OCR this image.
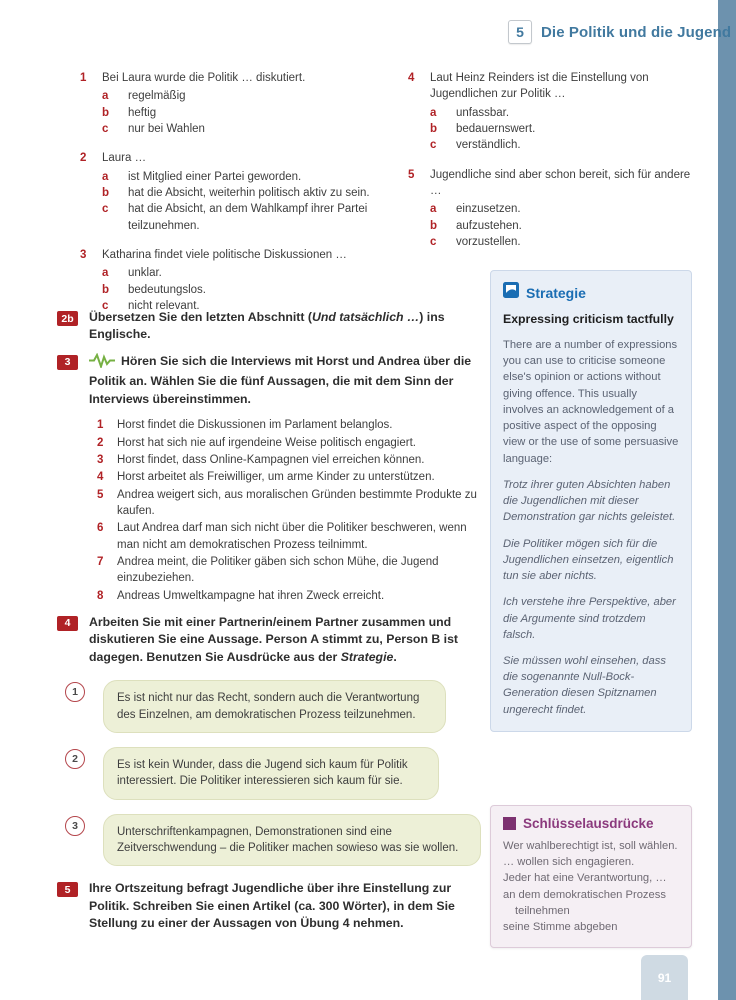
5	Die Politik und die Jugend
1	Bei Laura wurde die Politik … diskutiert.
a	regelmäßig
b	heftig
c	nur bei Wahlen
2	Laura …
a	ist Mitglied einer Partei geworden.
b	hat die Absicht, weiterhin politisch aktiv zu sein.
c	hat die Absicht, an dem Wahlkampf ihrer Partei teilzunehmen.
3	Katharina findet viele politische Diskussionen …
a	unklar.
b	bedeutungslos.
c	nicht relevant.
4	Laut Heinz Reinders ist die Einstellung von Jugendlichen zur Politik …
a	unfassbar.
b	bedauernswert.
c	verständlich.
5	Jugendliche sind aber schon bereit, sich für andere …
a	einzusetzen.
b	aufzustehen.
c	vorzustellen.
2b	Übersetzen Sie den letzten Abschnitt (Und tatsächlich …) ins Englische.
3	Hören Sie sich die Interviews mit Horst und Andrea über die Politik an. Wählen Sie die fünf Aussagen, die mit dem Sinn der Interviews übereinstimmen.
1	Horst findet die Diskussionen im Parlament belanglos.
2	Horst hat sich nie auf irgendeine Weise politisch engagiert.
3	Horst findet, dass Online-Kampagnen viel erreichen können.
4	Horst arbeitet als Freiwilliger, um arme Kinder zu unterstützen.
5	Andrea weigert sich, aus moralischen Gründen bestimmte Produkte zu kaufen.
6	Laut Andrea darf man sich nicht über die Politiker beschweren, wenn man nicht am demokratischen Prozess teilnimmt.
7	Andrea meint, die Politiker gäben sich schon Mühe, die Jugend einzubeziehen.
8	Andreas Umweltkampagne hat ihren Zweck erreicht.
4	Arbeiten Sie mit einer Partnerin/einem Partner zusammen und diskutieren Sie eine Aussage. Person A stimmt zu, Person B ist dagegen. Benutzen Sie Ausdrücke aus der Strategie.
1	Es ist nicht nur das Recht, sondern auch die Verantwortung des Einzelnen, am demokratischen Prozess teilzunehmen.
2	Es ist kein Wunder, dass die Jugend sich kaum für Politik interessiert. Die Politiker interessieren sich kaum für sie.
3	Unterschriftenkampagnen, Demonstrationen sind eine Zeitverschwendung – die Politiker machen sowieso was sie wollen.
5	Ihre Ortszeitung befragt Jugendliche über ihre Einstellung zur Politik. Schreiben Sie einen Artikel (ca. 300 Wörter), in dem Sie Stellung zu einer der Aussagen von Übung 4 nehmen.
Strategie
Expressing criticism tactfully
There are a number of expressions you can use to criticise someone else's opinion or actions without giving offence. This usually involves an acknowledgement of a positive aspect of the opposing view or the use of some persuasive language:
Trotz ihrer guten Absichten haben die Jugendlichen mit dieser Demonstration gar nichts geleistet.
Die Politiker mögen sich für die Jugendlichen einsetzen, eigentlich tun sie aber nichts.
Ich verstehe ihre Perspektive, aber die Argumente sind trotzdem falsch.
Sie müssen wohl einsehen, dass die sogenannte Null-Bock-Generation diesen Spitznamen ungerecht findet.
Schlüsselausdrücke
Wer wahlberechtigt ist, soll wählen.
… wollen sich engagieren.
Jeder hat eine Verantwortung, …
an dem demokratischen Prozess
teilnehmen
seine Stimme abgeben
91
